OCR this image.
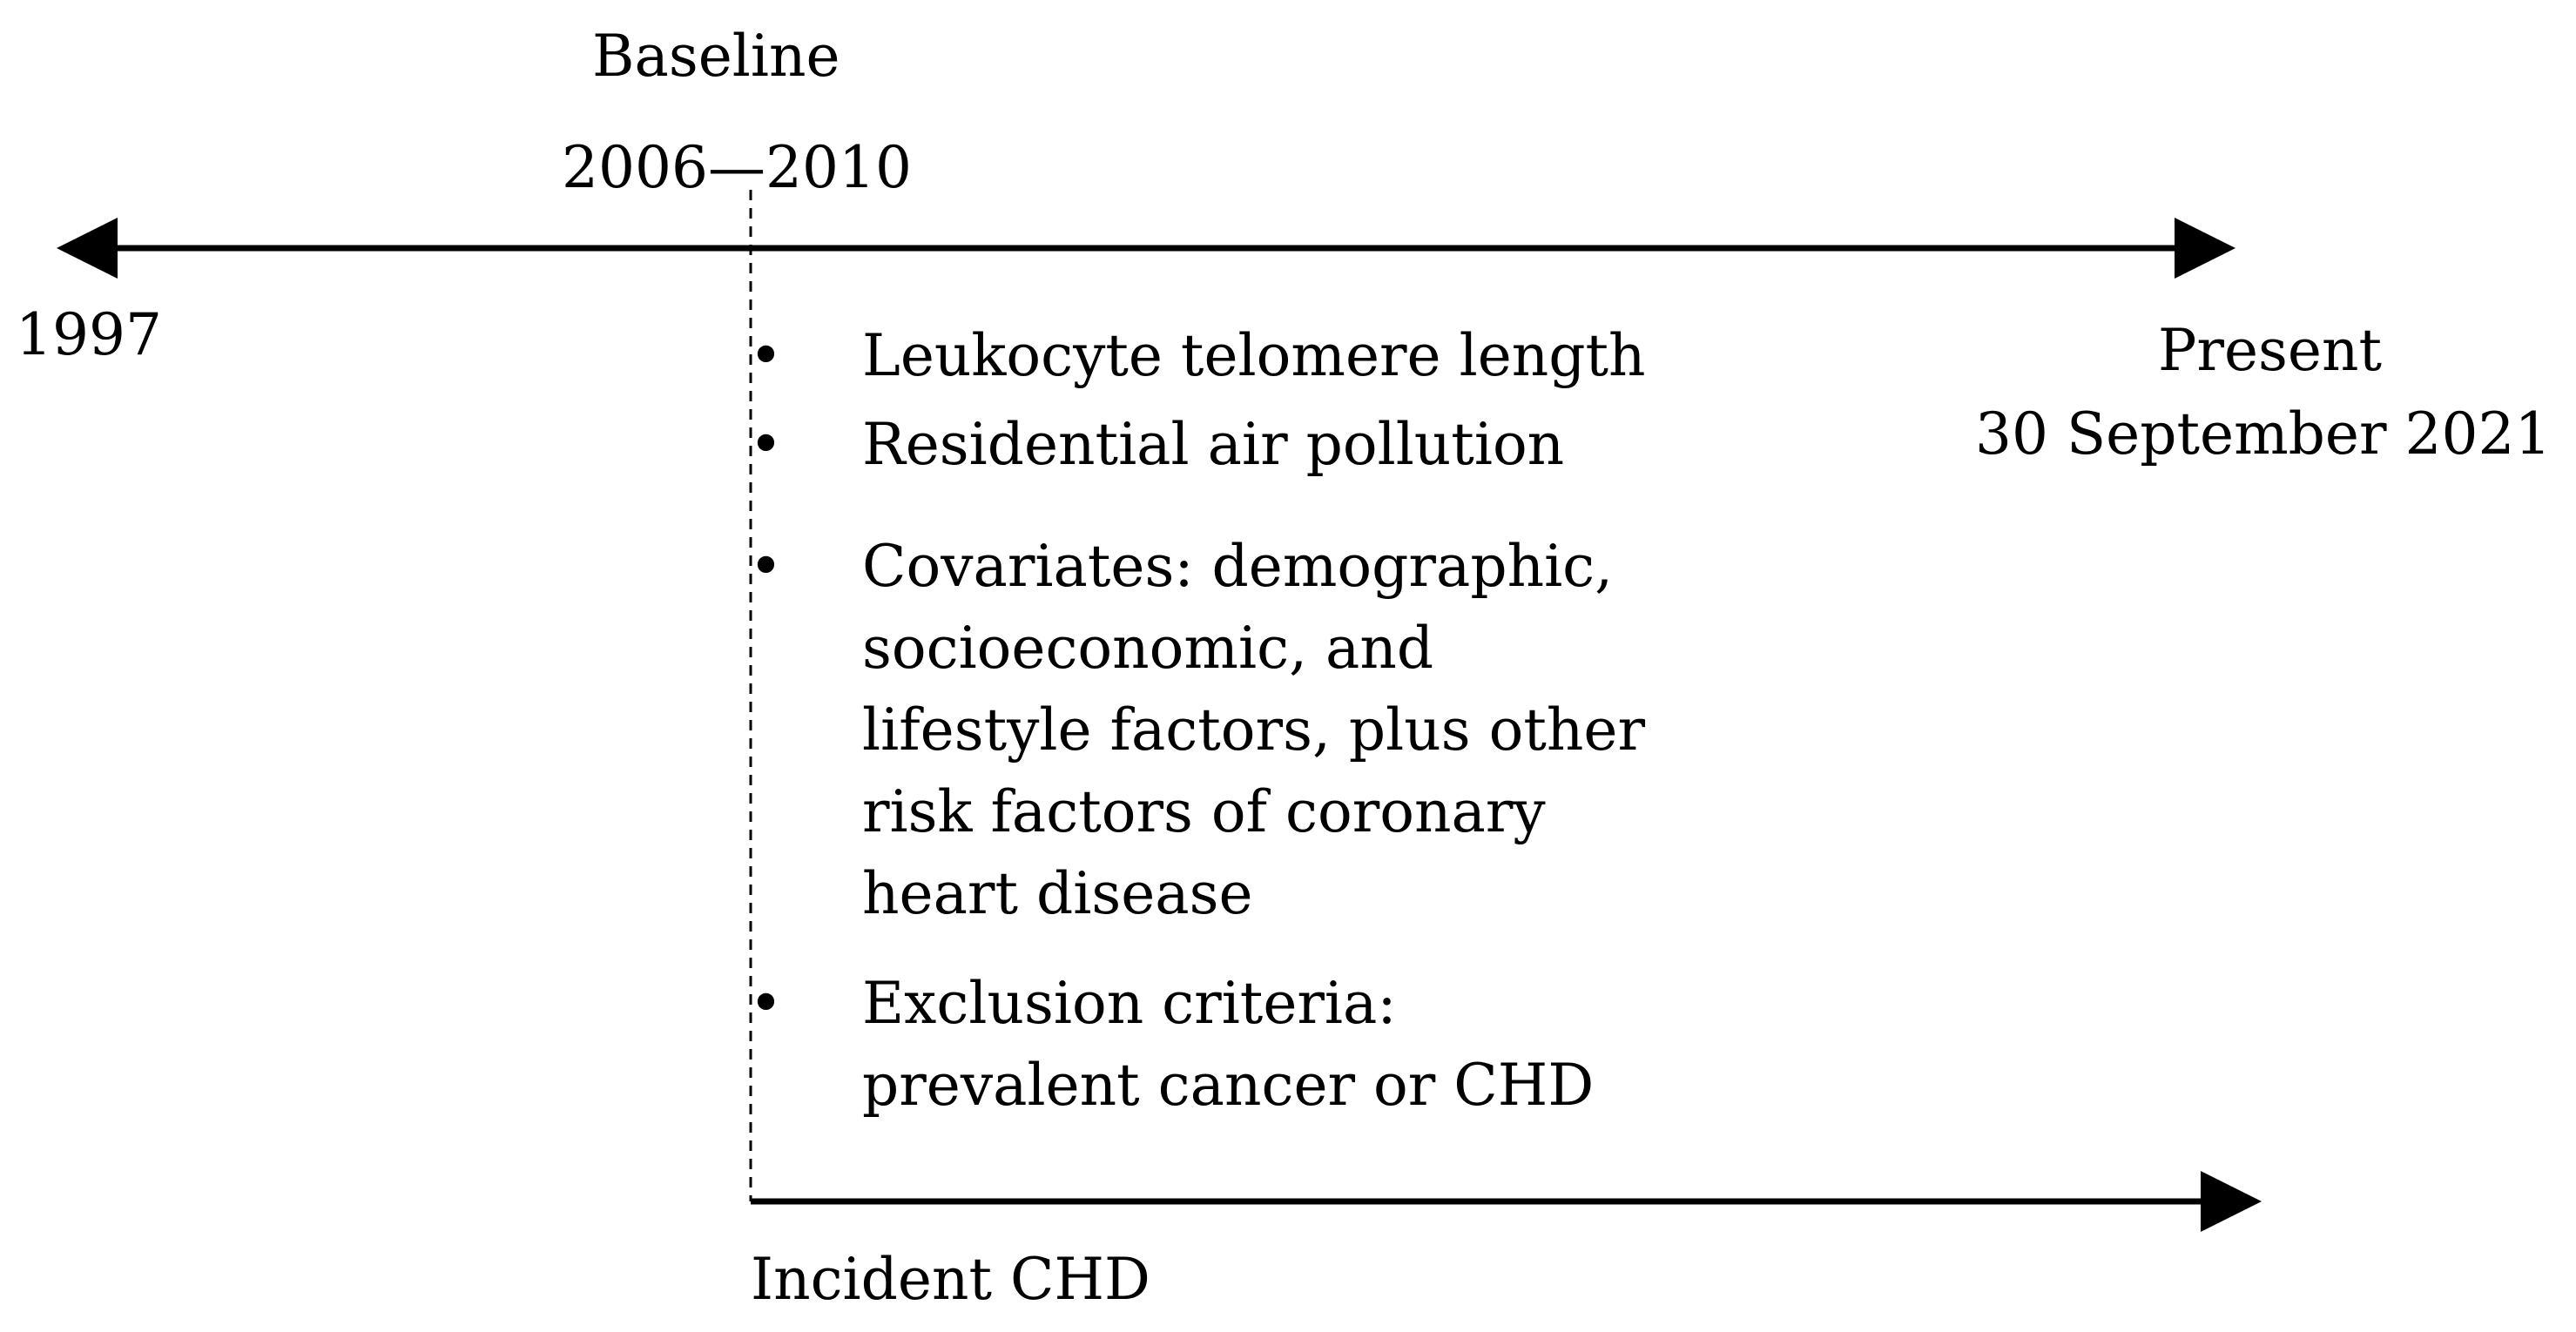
Baseline
2006—2010
1997	Present
30 September 2021
•	Leukocyte telomere length
•	Residential air pollution
•	Covariates: demographic,
socioeconomic, and
lifestyle factors, plus other
risk factors of coronary
heart disease
•	Exclusion criteria:
prevalent cancer or CHD
Incident CHD
